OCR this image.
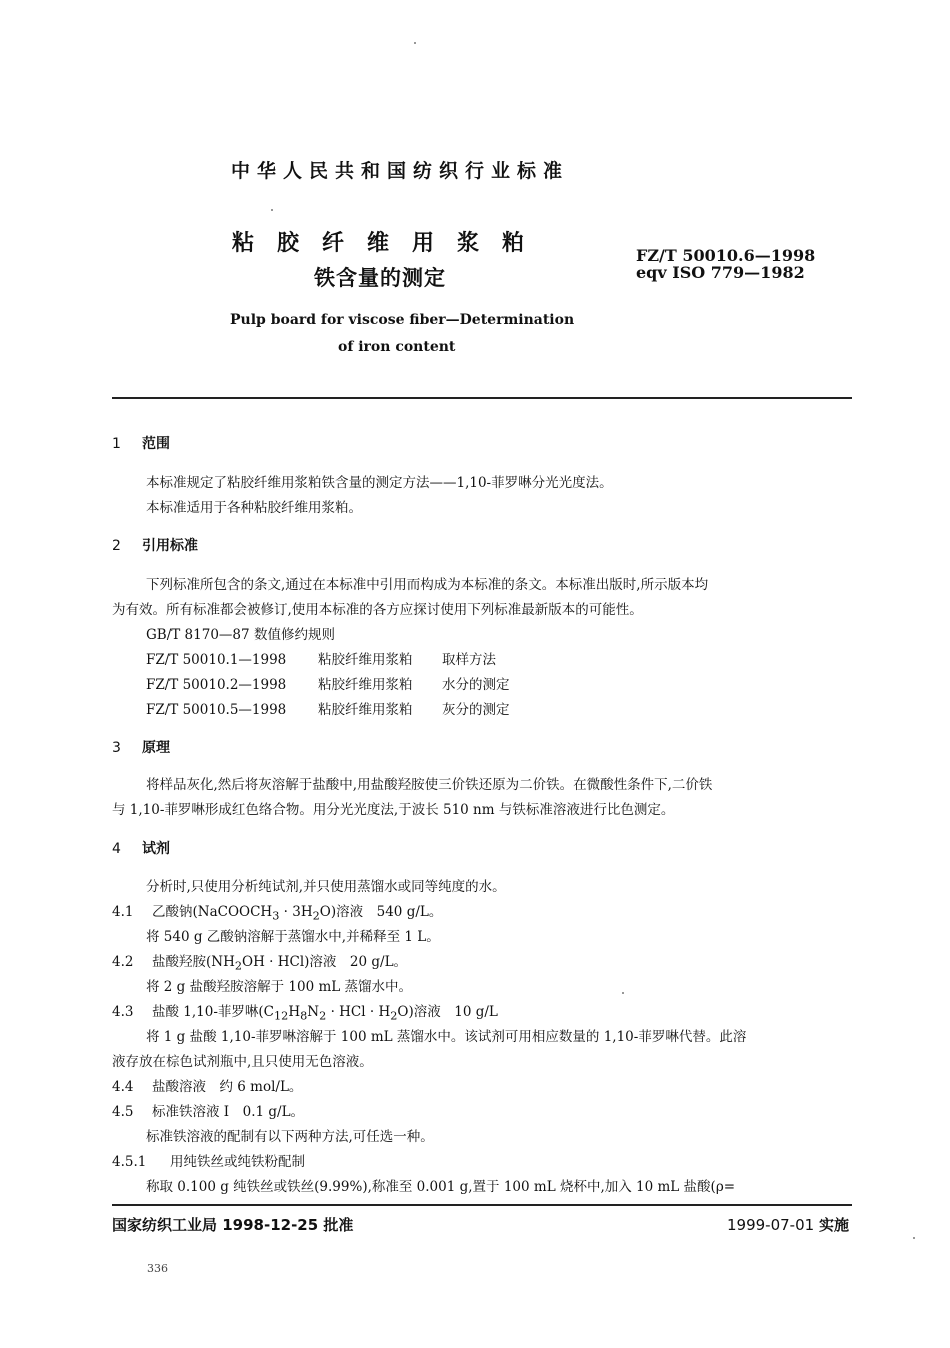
中华人民共和国纺织行业标准
粘胶纤维用浆粕
铁含量的测定
FZ/T 50010.6—1998
eqv ISO 779—1982
Pulp board for viscose fiber—Determination
of iron content
1 范围
本标准规定了粘胶纤维用浆粕铁含量的测定方法——1,10-菲罗啉分光光度法。
本标准适用于各种粘胶纤维用浆粕。
2 引用标准
下列标准所包含的条文,通过在本标准中引用而构成为本标准的条文。本标准出版时,所示版本均
为有效。所有标准都会被修订,使用本标准的各方应探讨使用下列标准最新版本的可能性。
GB/T 8170—87 数值修约规则
FZ/T 50010.1—1998 粘胶纤维用浆粕 取样方法
FZ/T 50010.2—1998 粘胶纤维用浆粕 水分的测定
FZ/T 50010.5—1998 粘胶纤维用浆粕 灰分的测定
3 原理
将样品灰化,然后将灰溶解于盐酸中,用盐酸羟胺使三价铁还原为二价铁。在微酸性条件下,二价铁
与 1,10-菲罗啉形成红色络合物。用分光光度法,于波长 510 nm 与铁标准溶液进行比色测定。
4 试剂
分析时,只使用分析纯试剂,并只使用蒸馏水或同等纯度的水。
4.1 乙酸钠(NaCOOCH$_3$ · $3H_2O$)溶液　540 g/L。
将 540 g 乙酸钠溶解于蒸馏水中,并稀释至 1 L。
4.2 盐酸羟胺$(NH_2OH \cdot HCl)$溶液　20 g/L。
将 2 g 盐酸羟胺溶解于 100 mL 蒸馏水中。
4.3 盐酸 1,10-菲罗啉($C_{12}H_8N_2$ · HCl · $H_2O$)溶液　10 g/L
将 1 g 盐酸 1,10-菲罗啉溶解于 100 mL 蒸馏水中。该试剂可用相应数量的 1,10-菲罗啉代替。此溶
液存放在棕色试剂瓶中,且只使用无色溶液。
4.4 盐酸溶液　约 6 mol/L。
4.5 标准铁溶液 I　0.1 g/L。
标准铁溶液的配制有以下两种方法,可任选一种。
4.5.1 用纯铁丝或纯铁粉配制
称取 0.100 g 纯铁丝或铁丝(9.99%),称准至 0.001 g,置于 100 mL 烧杯中,加入 10 mL 盐酸(ρ=
国家纺织工业局 1998-12-25 批准	1999-07-01 实施
336
